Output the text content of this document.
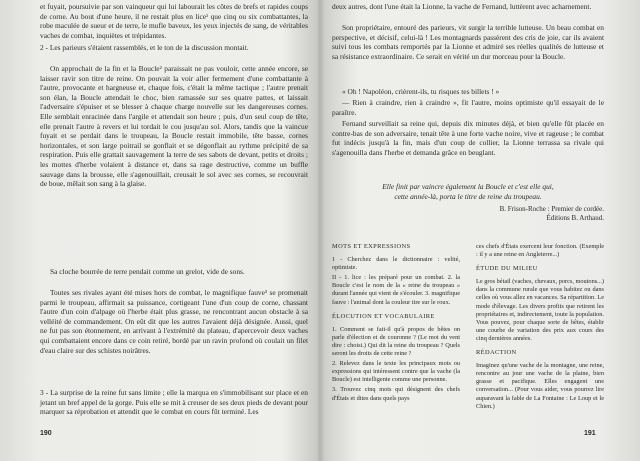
et fuyait, poursuivie par son vainqueur qui lui labourait les côtes de brefs et rapides coups de corne. Au bout d'une heure, il ne restait plus en lice¹ que cinq ou six combattantes, la robe maculée de sueur et de terre, le mufle baveux, les yeux injectés de sang, de véritables vaches de combat, inquiètes et trépidantes.

2 - Les parieurs s'étaient rassemblés, et le ton de la discussion montait.

On approchait de la fin et la Boucle² paraissait ne pas vouloir, cette année encore, se laisser ravir son titre de reine. On pouvait la voir aller fermement d'une combattante à l'autre, provocante et hargneuse et, chaque fois, c'était la même tactique ; l'autre prenait son élan, la Boucle attendait le choc, bien ramassée sur ses quatre pattes, et laissait l'adversaire s'épuiser et se blesser à chaque charge nouvelle sur les dangereuses cornes. Elle semblait enracinée dans l'argile et attendait son heure ; puis, d'un seul coup de tête, elle prenait l'autre à revers et lui tordait le cou jusqu'au sol. Alors, tandis que la vaincue fuyait et se perdait dans le troupeau, la Boucle restait immobile, tête basse, cornes horizontales, et son large poitrail se gonflait et se dégonflait au rythme précipité de sa respiration. Puis elle grattait sauvagement la terre de ses sabots de devant, petits et droits ; les mottes d'herbe volaient à distance et, dans sa rage destructive, comme un buffle sauvage dans la brousse, elle s'agenouillait, creusait le sol avec ses cornes, se recouvrait de boue, mêlait son sang à la glaise.

Sa cloche bourrée de terre pendait comme un grelot, vide de sons.

Toutes ses rivales ayant été mises hors de combat, le magnifique fauve³ se promenait parmi le troupeau, affirmait sa puissance, cortigeant l'une d'un coup de corne, chassant l'autre d'un coin d'alpage où l'herbe était plus grasse, ne rencontrant aucun obstacle à sa velléité de commandement. On eût dit que les autres l'avaient déjà désignée. Aussi, quel ne fut pas son étonnement, en arrivant à l'extrémité du plateau, d'apercevoir deux vaches qui combattaient encore dans ce coin retiré, bordé par un ravin profond où coulait un filet d'eau claire sur des schistes noirâtres.

3 - La surprise de la reine fut sans limite ; elle la marqua en s'immobilisant sur place et en jetant un bref appel de la gorge. Puis elle se mit à creuser de ses deux pieds de devant pour marquer sa réprobation et attendit que le combat en cours fût terminé. Les

190

deux autres, dont l'une était la Lionne, la vache de Fernand, luttèrent avec acharnement.

Son propriétaire, entouré des parieurs, vit surgir la terrible lutteuse. Un beau combat en perspective, et décisif, celui-là ! Les montagnards passèrent des cris de joie, car ils avaient suivi tous les combats remportés par la Lionne et admiré ses réelles qualités de lutteuse et sa résistance extraordinaire. Ce serait en vérité un dur morceau pour la Boucle.

« Oh ! Napoléon, crièrent-ils, tu risques tes billets ! »

— Rien à craindre, rien à craindre », fit l'autre, moins optimiste qu'il essayait de le paraître.

Fernand surveillait sa reine qui, depuis dix minutes déjà, et bien qu'elle fût placée en contre-bas de son adversaire, tenait tête à une forte vache noire, vive et rageuse ; le combat fut indécis jusqu'à la fin, mais d'un coup de collier, la Lionne terrassa sa rivale qui s'agenouilla dans l'herbe et demanda grâce en beuglant.

Elle finit par vaincre également la Boucle et c'est elle qui,
cette année-là, porta le titre de reine du troupeau.
B. Frison-Roche : Premier de cordée.
Éditions B. Arthaud.
MOTS ET EXPRESSIONS

1 - Cherchez dans le dictionnaire : velité, optimiste.

II - 1. lice : les préparé pour un combat. 2. la Boucle c'est le nom de la « reine du troupeau » durant l'année qui vient de s'écouler. 3. magnifique fauve : l'animal dont la couleur tire sur le roux.

ÉLOCUTION ET VOCABULAIRE

1. Comment se fait-il qu'à propos de bêtes on parle d'élection et de couronne ? (Le mot du vent dire : choisi.) Qui dit la reine du troupeau ? Quels seront les droits de cette reine ?

2. Relevez dans le texte les principaux mots ou expressions qui intéressent contre que la vache (la Boucle) est intelligente comme une personne.

3. Trouvez cinq mots qui désignent des chefs d'États et dites dans quels pays

ces chefs d'États exercent leur fonction. (Exemple : il y a une reine en Angleterre...)

ÉTUDE DU MILIEU

Le gros bétail (vaches, chevaux, porcs, moutons...) dans la commune rurale que vous habitez ou dans celles où vous allez en vacances. Sa répartition. Le mode d'élevage. Les divers profits que retirent les propriétaires et, indirectement, toute la population. Vous pouvez, pour chaque sorte de bêtes, établir une courbe de variation des prix aux cours des cinq dernières années.

RÉDACTION

Imaginez qu'une vache de la montagne, une reine, rencontre au jour une vache de la plaine, bien grasse et pacifique. Elles engagent une conversation... (Pour vous aider, vous pourrez lire auparavant la fable de La Fontaine : Le Loup et le Chien.)

191
